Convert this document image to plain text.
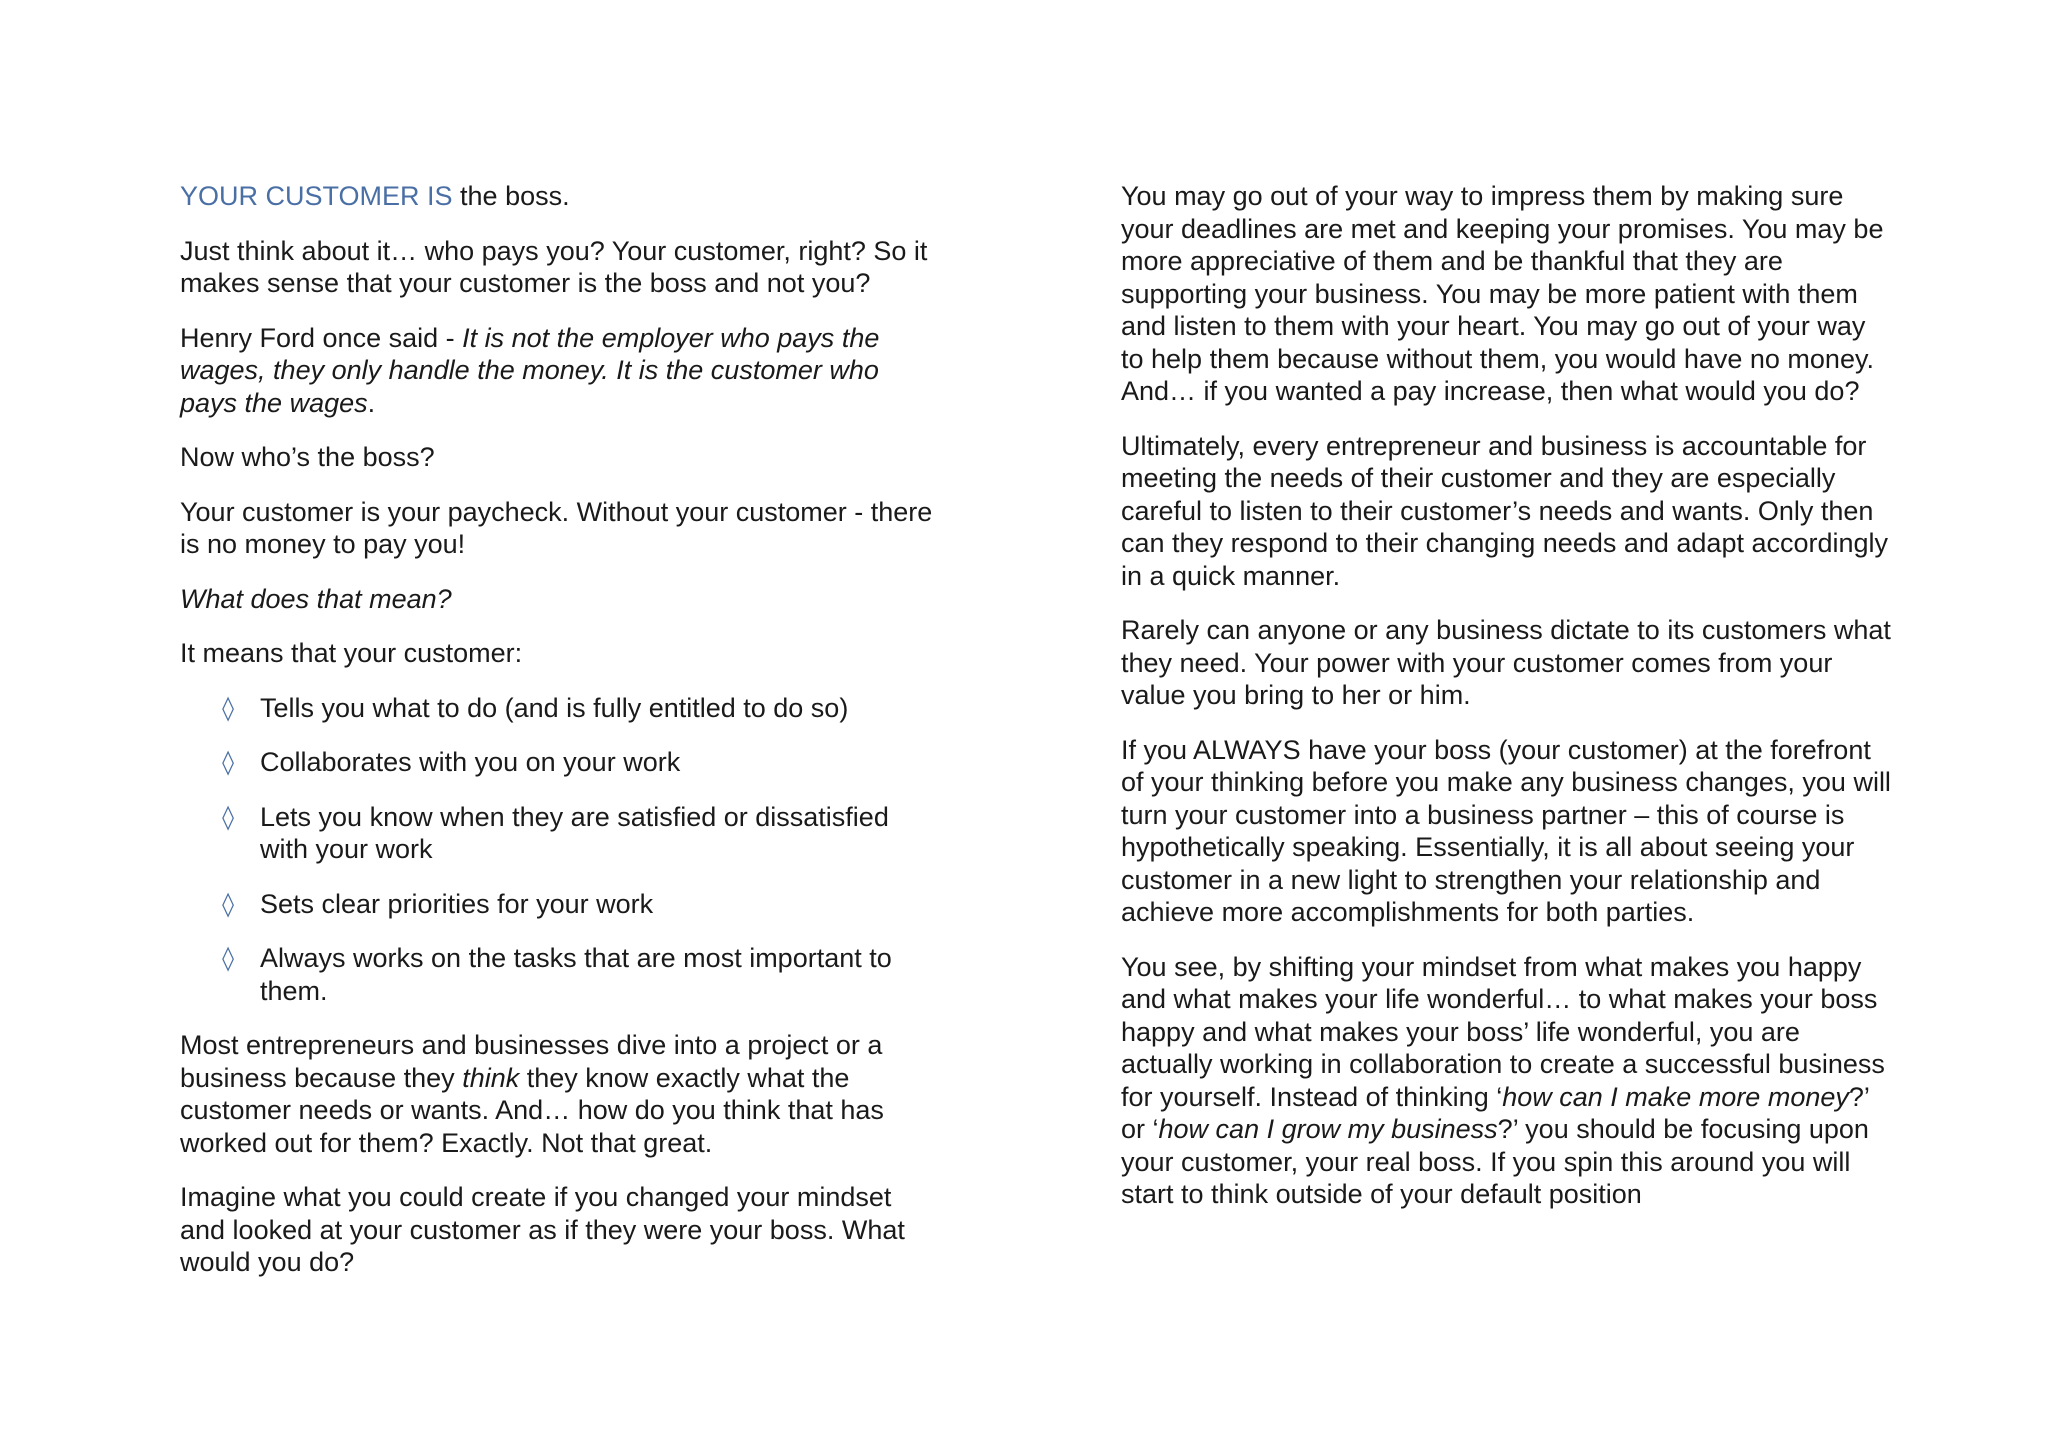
YOUR CUSTOMER IS the boss.

Just think about it… who pays you? Your customer, right? So it makes sense that your customer is the boss and not you?

Henry Ford once said - It is not the employer who pays the wages, they only handle the money. It is the customer who pays the wages.

Now who’s the boss?

Your customer is your paycheck. Without your customer - there is no money to pay you!

What does that mean?

It means that your customer:

◊ Tells you what to do (and is fully entitled to do so)
◊ Collaborates with you on your work
◊ Lets you know when they are satisfied or dissatisfied with your work
◊ Sets clear priorities for your work
◊ Always works on the tasks that are most important to them.

Most entrepreneurs and businesses dive into a project or a business because they think they know exactly what the customer needs or wants. And… how do you think that has worked out for them? Exactly. Not that great.

Imagine what you could create if you changed your mindset and looked at your customer as if they were your boss. What would you do?

You may go out of your way to impress them by making sure your deadlines are met and keeping your promises. You may be more appreciative of them and be thankful that they are supporting your business. You may be more patient with them and listen to them with your heart. You may go out of your way to help them because without them, you would have no money. And… if you wanted a pay increase, then what would you do?

Ultimately, every entrepreneur and business is accountable for meeting the needs of their customer and they are especially careful to listen to their customer’s needs and wants. Only then can they respond to their changing needs and adapt accordingly in a quick manner.

Rarely can anyone or any business dictate to its customers what they need. Your power with your customer comes from your value you bring to her or him.

If you ALWAYS have your boss (your customer) at the forefront of your thinking before you make any business changes, you will turn your customer into a business partner – this of course is hypothetically speaking. Essentially, it is all about seeing your customer in a new light to strengthen your relationship and achieve more accomplishments for both parties.

You see, by shifting your mindset from what makes you happy and what makes your life wonderful… to what makes your boss happy and what makes your boss’ life wonderful, you are actually working in collaboration to create a successful business for yourself. Instead of thinking ‘how can I make more money?’ or ‘how can I grow my business?’ you should be focusing upon your customer, your real boss. If you spin this around you will start to think outside of your default position
